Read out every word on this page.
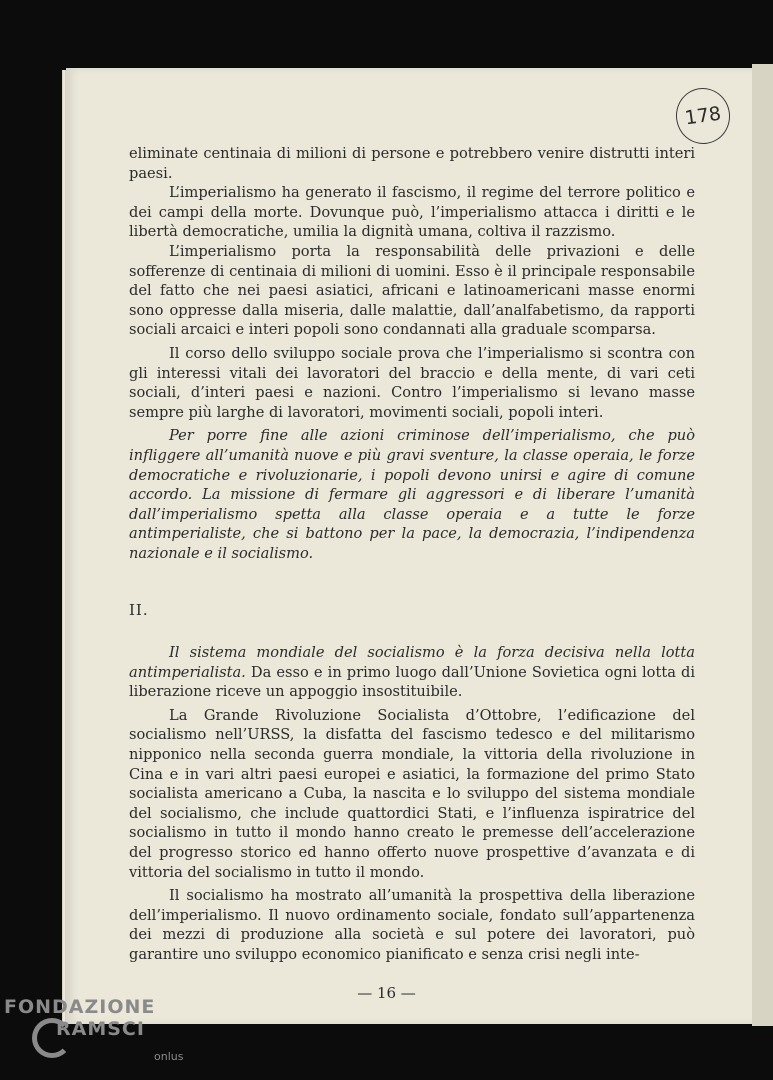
178

eliminate centinaia di milioni di persone e potrebbero venire distrutti interi paesi.

L’imperialismo ha generato il fascismo, il regime del terrore politico e dei campi della morte. Dovunque può, l’imperialismo attacca i diritti e le libertà democratiche, umilia la dignità umana, coltiva il razzismo.

L’imperialismo porta la responsabilità delle privazioni e delle sofferenze di centinaia di milioni di uomini. Esso è il principale responsabile del fatto che nei paesi asiatici, africani e latinoamericani masse enormi sono oppresse dalla miseria, dalle malattie, dall’analfabetismo, da rapporti sociali arcaici e interi popoli sono condannati alla graduale scomparsa.

Il corso dello sviluppo sociale prova che l’imperialismo si scontra con gli interessi vitali dei lavoratori del braccio e della mente, di vari ceti sociali, d’interi paesi e nazioni. Contro l’imperialismo si levano masse sempre più larghe di lavoratori, movimenti sociali, popoli interi.

Per porre fine alle azioni criminose dell’imperialismo, che può infliggere all’umanità nuove e più gravi sventure, la classe operaia, le forze democratiche e rivoluzionarie, i popoli devono unirsi e agire di comune accordo. La missione di fermare gli aggressori e di liberare l’umanità dall’imperialismo spetta alla classe operaia e a tutte le forze antimperialiste, che si battono per la pace, la democrazia, l’indipendenza nazionale e il socialismo.

II.

Il sistema mondiale del socialismo è la forza decisiva nella lotta antimperialista. Da esso e in primo luogo dall’Unione Sovietica ogni lotta di liberazione riceve un appoggio insostituibile.

La Grande Rivoluzione Socialista d’Ottobre, l’edificazione del socialismo nell’URSS, la disfatta del fascismo tedesco e del militarismo nipponico nella seconda guerra mondiale, la vittoria della rivoluzione in Cina e in vari altri paesi europei e asiatici, la formazione del primo Stato socialista americano a Cuba, la nascita e lo sviluppo del sistema mondiale del socialismo, che include quattordici Stati, e l’influenza ispiratrice del socialismo in tutto il mondo hanno creato le premesse dell’accelerazione del progresso storico ed hanno offerto nuove prospettive d’avanzata e di vittoria del socialismo in tutto il mondo.

Il socialismo ha mostrato all’umanità la prospettiva della liberazione dell’imperialismo. Il nuovo ordinamento sociale, fondato sull’appartenenza dei mezzi di produzione alla società e sul potere dei lavoratori, può garantire uno sviluppo economico pianificato e senza crisi negli inte-

— 16 —
FONDAZIONE
RAMSCI
onlus
